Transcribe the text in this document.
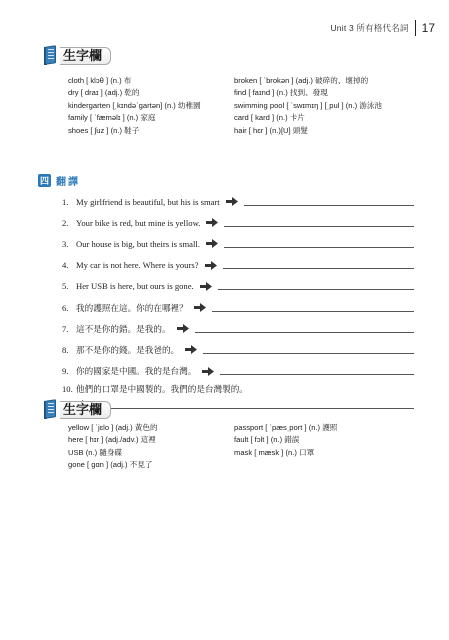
Unit 3 所有格代名詞 17
生字欄
cloth [ klɔθ ] (n.) 布	broken [ ˋbrokən ] (adj.) 破碎的、壞掉的
dry [ draɪ ] (adj.) 乾的	find [ faɪnd ] (n.) 找到、發現
kindergarten [ˌkɪndəˋgartən] (n.) 幼稚園	swimming pool [ ˋswɪmɪŋ ] [ˌpul ] (n.) 游泳池
family [ ˋfæməlɪ ] (n.) 家庭	card [ kard ] (n.) 卡片
shoes [ ʃuz ] (n.) 鞋子	hair [ hɛr ] (n.)[U] 頭髮
四 翻譯
1. My girlfriend is beautiful, but his is smart
2. Your bike is red, but mine is yellow.
3. Our house is big, but theirs is small.
4. My car is not here. Where is yours?
5. Her USB is here, but ours is gone.
6. 我的護照在這。你的在哪裡？
7. 這不是你的錯。是我的。
8. 那不是你的錢。是我爸的。
9. 你的國家是中國。我的是台灣。
10. 他們的口罩是中國製的。我們的是台灣製的。
生字欄
yellow [ ˋjɛlo ] (adj.) 黃色的	passport [ ˋpæsˌport ] (n.) 護照
here [ hɪr ] (adj./adv.) 這裡	fault [ fɔlt ] (n.) 錯誤
USB (n.) 隨身碟	mask [ mæsk ] (n.) 口罩
gone [ gɑn ] (adj.) 不見了
